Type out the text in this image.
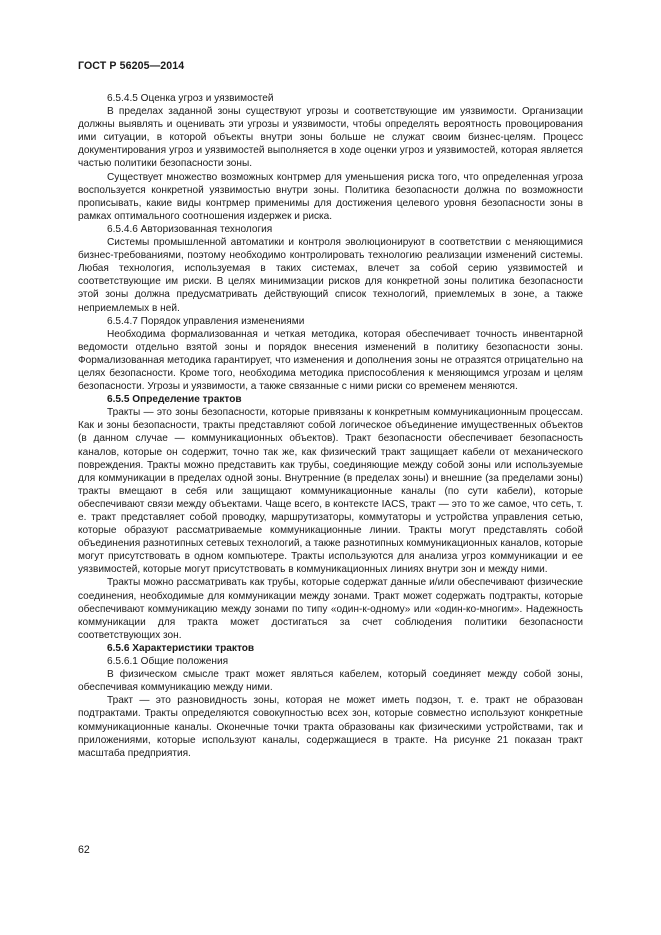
ГОСТ Р 56205—2014

6.5.4.5 Оценка угроз и уязвимостей

В пределах заданной зоны существуют угрозы и соответствующие им уязвимости. Организации должны выявлять и оценивать эти угрозы и уязвимости, чтобы определять вероятность провоцирования ими ситуации, в которой объекты внутри зоны больше не служат своим бизнес-целям. Процесс документирования угроз и уязвимостей выполняется в ходе оценки угроз и уязвимостей, которая является частью политики безопасности зоны.

Существует множество возможных контрмер для уменьшения риска того, что определенная угроза воспользуется конкретной уязвимостью внутри зоны. Политика безопасности должна по возможности прописывать, какие виды контрмер применимы для достижения целевого уровня безопасности зоны в рамках оптимального соотношения издержек и риска.

6.5.4.6 Авторизованная технология

Системы промышленной автоматики и контроля эволюционируют в соответствии с меняющимися бизнес-требованиями, поэтому необходимо контролировать технологию реализации изменений системы. Любая технология, используемая в таких системах, влечет за собой серию уязвимостей и соответствующие им риски. В целях минимизации рисков для конкретной зоны политика безопасности этой зоны должна предусматривать действующий список технологий, приемлемых в зоне, а также неприемлемых в ней.

6.5.4.7 Порядок управления изменениями

Необходима формализованная и четкая методика, которая обеспечивает точность инвентарной ведомости отдельно взятой зоны и порядок внесения изменений в политику безопасности зоны. Формализованная методика гарантирует, что изменения и дополнения зоны не отразятся отрицательно на целях безопасности. Кроме того, необходима методика приспособления к меняющимся угрозам и целям безопасности. Угрозы и уязвимости, а также связанные с ними риски со временем меняются.

6.5.5 Определение трактов

Тракты — это зоны безопасности, которые привязаны к конкретным коммуникационным процессам. Как и зоны безопасности, тракты представляют собой логическое объединение имущественных объектов (в данном случае — коммуникационных объектов). Тракт безопасности обеспечивает безопасность каналов, которые он содержит, точно так же, как физический тракт защищает кабели от механического повреждения. Тракты можно представить как трубы, соединяющие между собой зоны или используемые для коммуникации в пределах одной зоны. Внутренние (в пределах зоны) и внешние (за пределами зоны) тракты вмещают в себя или защищают коммуникационные каналы (по сути кабели), которые обеспечивают связи между объектами. Чаще всего, в контексте IACS, тракт — это то же самое, что сеть, т. е. тракт представляет собой проводку, маршрутизаторы, коммутаторы и устройства управления сетью, которые образуют рассматриваемые коммуникационные линии. Тракты могут представлять собой объединения разнотипных сетевых технологий, а также разнотипных коммуникационных каналов, которые могут присутствовать в одном компьютере. Тракты используются для анализа угроз коммуникации и ее уязвимостей, которые могут присутствовать в коммуникационных линиях внутри зон и между ними.

Тракты можно рассматривать как трубы, которые содержат данные и/или обеспечивают физические соединения, необходимые для коммуникации между зонами. Тракт может содержать подтракты, которые обеспечивают коммуникацию между зонами по типу «один-к-одному» или «один-ко-многим». Надежность коммуникации для тракта может достигаться за счет соблюдения политики безопасности соответствующих зон.

6.5.6 Характеристики трактов

6.5.6.1 Общие положения

В физическом смысле тракт может являться кабелем, который соединяет между собой зоны, обеспечивая коммуникацию между ними.

Тракт — это разновидность зоны, которая не может иметь подзон, т. е. тракт не образован подтрактами. Тракты определяются совокупностью всех зон, которые совместно используют конкретные коммуникационные каналы. Оконечные точки тракта образованы как физическими устройствами, так и приложениями, которые используют каналы, содержащиеся в тракте. На рисунке 21 показан тракт масштаба предприятия.

62
